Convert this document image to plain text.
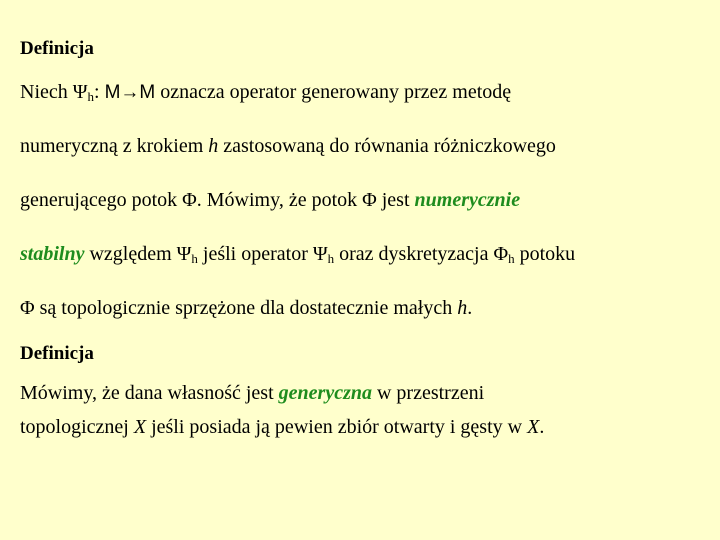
Definicja
Niech $\Psi_h$: M→M oznacza operator generowany przez metodę
numeryczną z krokiem h zastosowaną do równania różniczkowego
generującego potok Φ. Mówimy, że potok Φ jest numerycznie
stabilny względem $\Psi_h$ jeśli operator $\Psi_h$ oraz dyskretyzacja $\Phi_h$ potoku
Φ są topologicznie sprzężone dla dostatecznie małych h.
Definicja
Mówimy, że dana własność jest generyczna w przestrzeni
topologicznej X jeśli posiada ją pewien zbiór otwarty i gęsty w X.
